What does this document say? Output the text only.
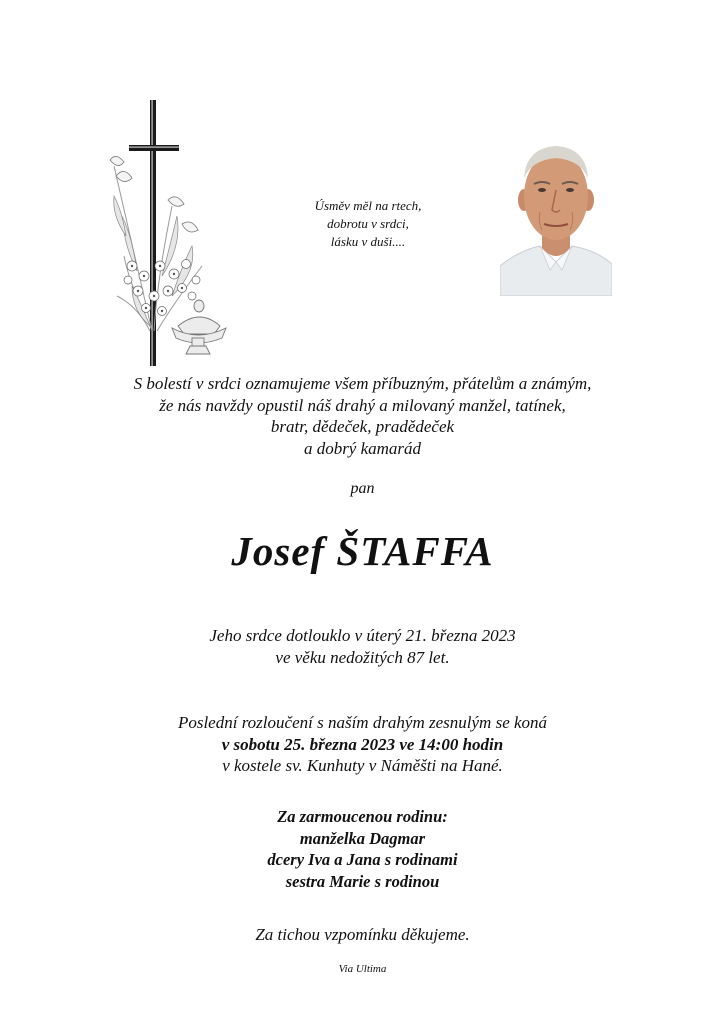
Úsměv měl na rtech,
dobrotu v srdci,
lásku v duši....
S bolestí v srdci oznamujeme všem příbuzným, přátelům a známým,
že nás navždy opustil náš drahý a milovaný manžel, tatínek,
bratr, dědeček, pradědeček
a dobrý kamarád
pan
Josef ŠTAFFA
Jeho srdce dotlouklo v úterý 21. března 2023
ve věku nedožitých 87 let.
Poslední rozloučení s naším drahým zesnulým se koná
v sobotu 25. března 2023 ve 14:00 hodin
v kostele sv. Kunhuty v Náměšti na Hané.
Za zarmoucenou rodinu:
manželka Dagmar
dcery Iva a Jana s rodinami
sestra Marie s rodinou
Za tichou vzpomínku děkujeme.
Via Ultima
